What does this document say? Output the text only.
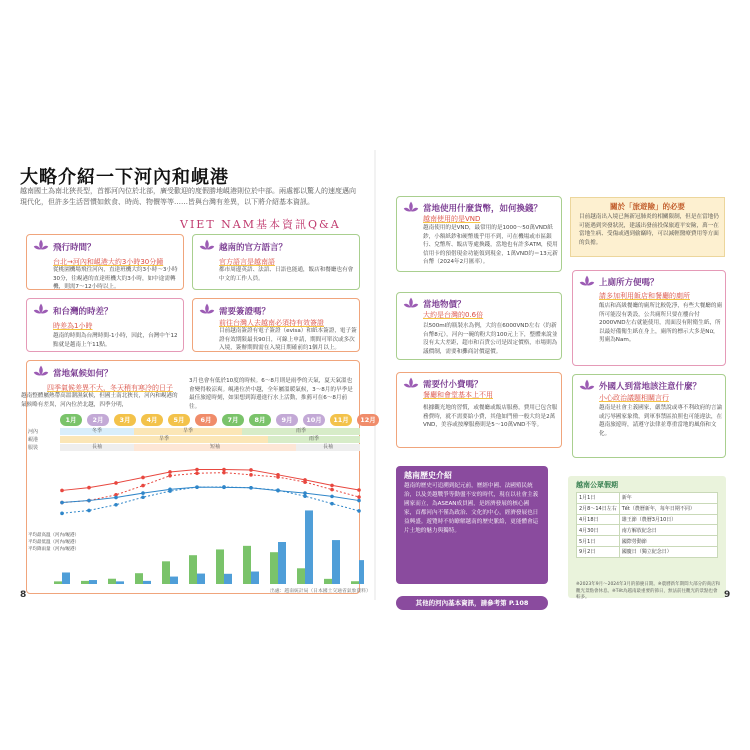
大略介紹一下河內和峴港
越南國土為南北狹長型，首都河內位於北部，廣受歡迎的度假勝地峴港則位於中部。兩處都以驚人的速度邁向現代化，但許多生活習慣如飲食、時尚、物價等等……皆與台灣有差異，以下將介紹基本資訊。
VIET NAM基本資訊Q&A
飛行時間？
台北→河內和峴港大約3小時30分鐘
從桃園機場飛往河內，直達班機大約3小時～3小時30分，往峴港的直達班機大約3小時，如中途需轉機，則需7～12小時以上。
和台灣的時差？
時差為1小時
越南的時間為台灣時間-1小時，因此，台灣中午12點就是越南上午11點。
越南的官方語言？
官方語言是越南語
都市周邊英語、法語、日語也能通，飯店和餐廳也有會中文的工作人員。
需要簽證嗎？
前往台灣人去越南必須持有效簽證
目前越南簽證有電子簽證（evisa）和紙本簽證，電子簽證有效期限最長90日，可線上申請，期間可單次或多次入境，簽辦期間需在入境日期確前約1個月以上。
當地氣候如何？
四季氣候差異不大，冬天稍有寒冷的日子
越南整體屬熱帶高溫潮濕氣候，但國土南北狹長，河內和峴港的氣候略有差異，河內位於北越，四季分明，
3月也會有低於10度的時候。6～8月則是雨季的天氣，夏天氣溫也會變得較涼爽。峴港位於中越，全年屬溫暖氣候，3～8月的旱季是最佳旅遊時刻，如果想到海邊進行水上活動，推薦可在6～8月前往。
1月	2月	3月	4月	5月	6月	7月	8月	9月	10月	11月	12月
河內
峴港
服裝
冬季	旱季	雨季
旱季	雨季
長袖	短袖	長袖
平均最高溫（河內/峴港）
平均最低溫（河內/峴港）
平均降雨量（河內/峴港）
出處：越南統計局（日本國土交通省氣象資料）
8
當地使用什麼貨幣，如何換錢？
越南使用的是VND
越南使用的是VND，最常用的是1000～50萬VND紙鈔，小額紙鈔和硬幣幾乎用不到，可在機場或市區銀行、兌幣所、飯店等處換錢，當地也有許多ATM，使用信用卡的預借現金功能領到現金，1萬VND約＝13元新台幣（2024年2月匯率）。
當地物價？
大約是台灣的0.6倍
以500ml的瓶裝水為例，大約在6000VND左右（約新台幣8元），河內一碗的粉大約100元上下，整體來說並沒有太大差距，超市和百貨公司是固定價格，市場則為議價制，需要和攤商討價還價。
需要付小費嗎？
餐廳和會堂基本上不用
根據觀光地的習慣，或餐廳或飯店服務，費用已包含服務費時，就不需要給小費，其他如門僮一般大約是2萬VND，美容或按摩服務則是5～10萬VND不等。
關於「旅遊險」的必要
目前越南出入境已無新冠肺炎的相關限制，但是在當地仍可能遇到突發狀況，建議出發前投保旅遊平安險，萬一在當地生病、受傷或遇到偷竊時，可以減輕醫療費用等方面的負擔。
上廁所方便嗎？
請多加利用飯店和餐廳的廁所
飯店和高級餐廳的廁所比較乾淨，有些大餐廳的廁所可能沒有裝設，公共廁所只要在樓台付2000VND左右就能使用，需面沒有附衛生紙，所以最好備衛生紙在身上，廁所的標示大多是Nữ，男廁為Nam。
外國人到當地該注意什麼？
小心政治議題相關言行
越南是社會主義國家，嚴禁說或專不利政府的言論或污辱國家象徵，到軍事禁區拍照也可能違法，在越南旅遊時，請遵守法律並尊重當地的風俗和文化。
越南歷史介紹
越南的歷史可追溯到紀元前，歷經中國、法國殖民統治，以及美越戰爭等動盪不安的時代，現在以社會主義國家而立，為ASEAN成員國，是經濟發展的核心國家，首都河內不僅為政治、文化的中心，經濟發展也日益興盛。遊覽時不妨瞭解越南的歷史脈絡，更能體會這片土地的魅力與獨特。
其他的河內基本資訊，請參考第 P.108
越南公眾假期
1月1日	新年
2月8～14日左右	Tết（農曆新年，每年日期不同）
4月18日	雄王節（農曆3月10日）
4月30日	南方解放紀念日
5月1日	國際勞動節
9月2日	國慶日（獨立紀念日）
※2023年9月～2024年3月的節慶日期。※農曆新年期間大部分的商店和觀光景點會休息。※Tết為越南最重要的節日，無法前往觀光的景點也會較多。	9
